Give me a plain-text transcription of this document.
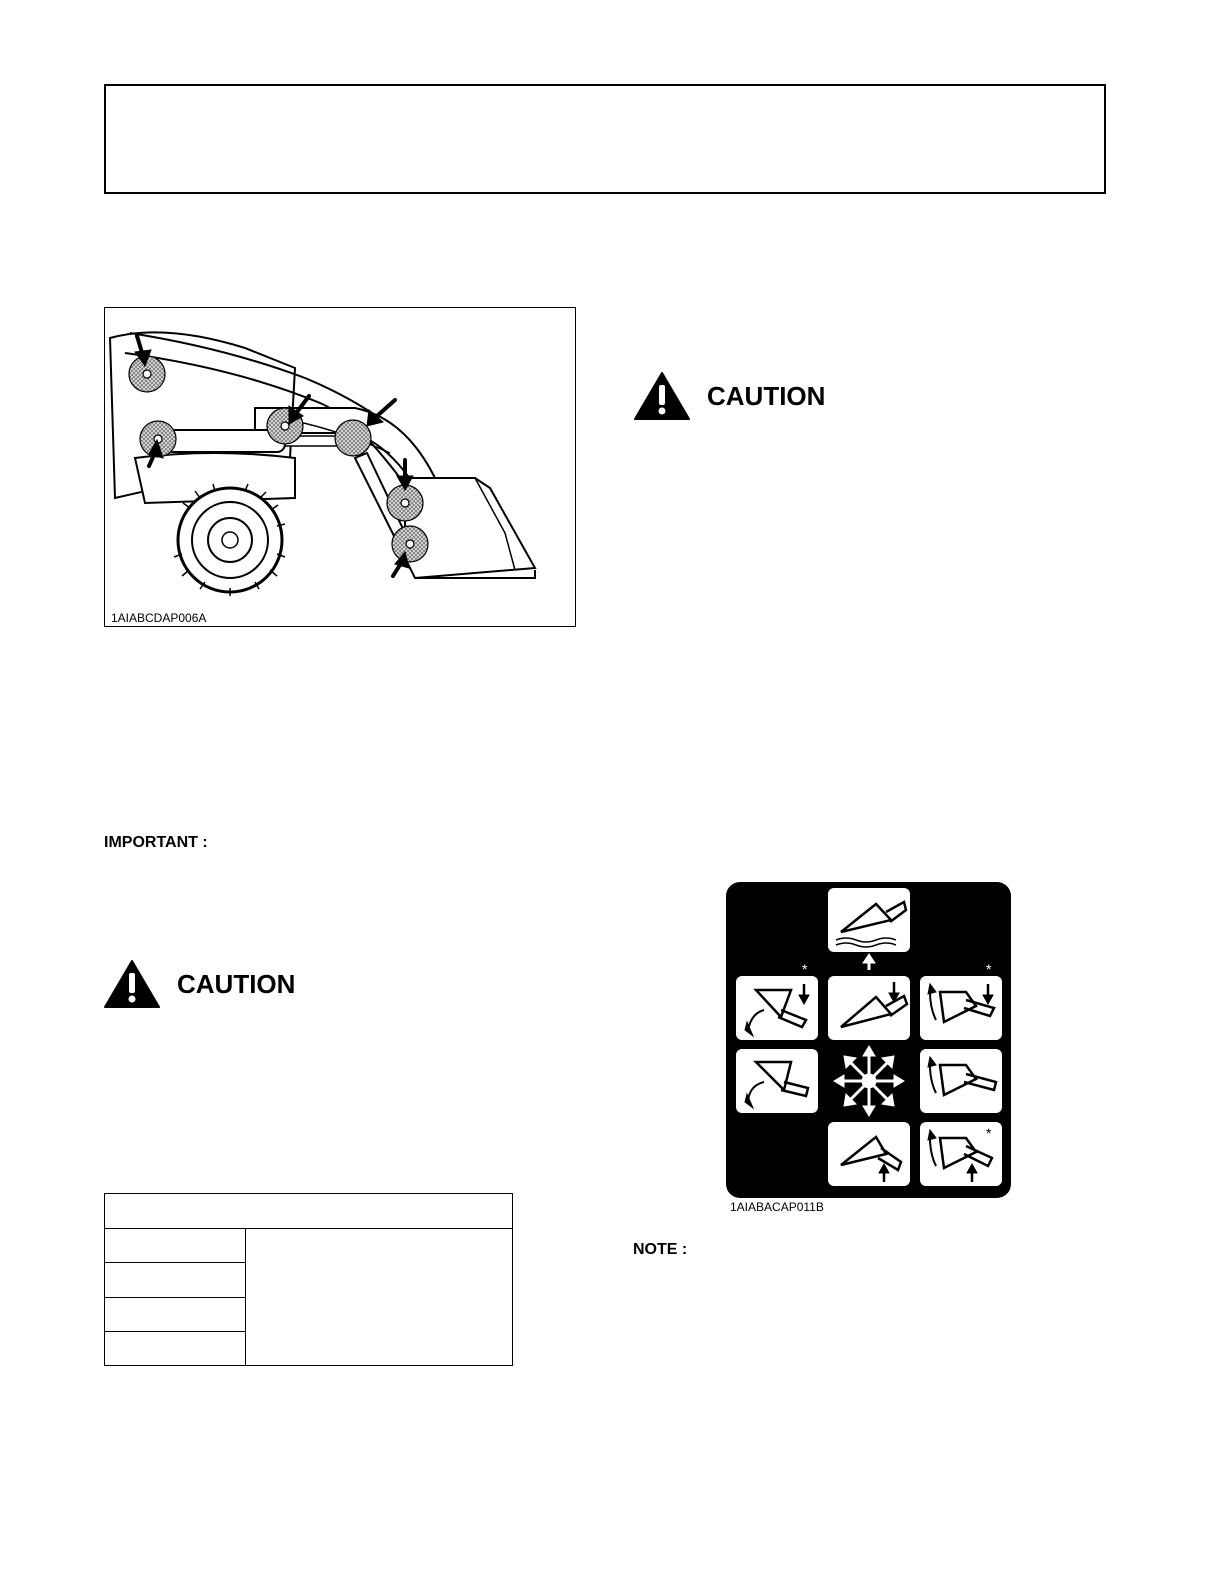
1AIABCDAP006A
CAUTION
IMPORTANT :
CAUTION	*	*
*
1AIABACAP011B
NOTE :
